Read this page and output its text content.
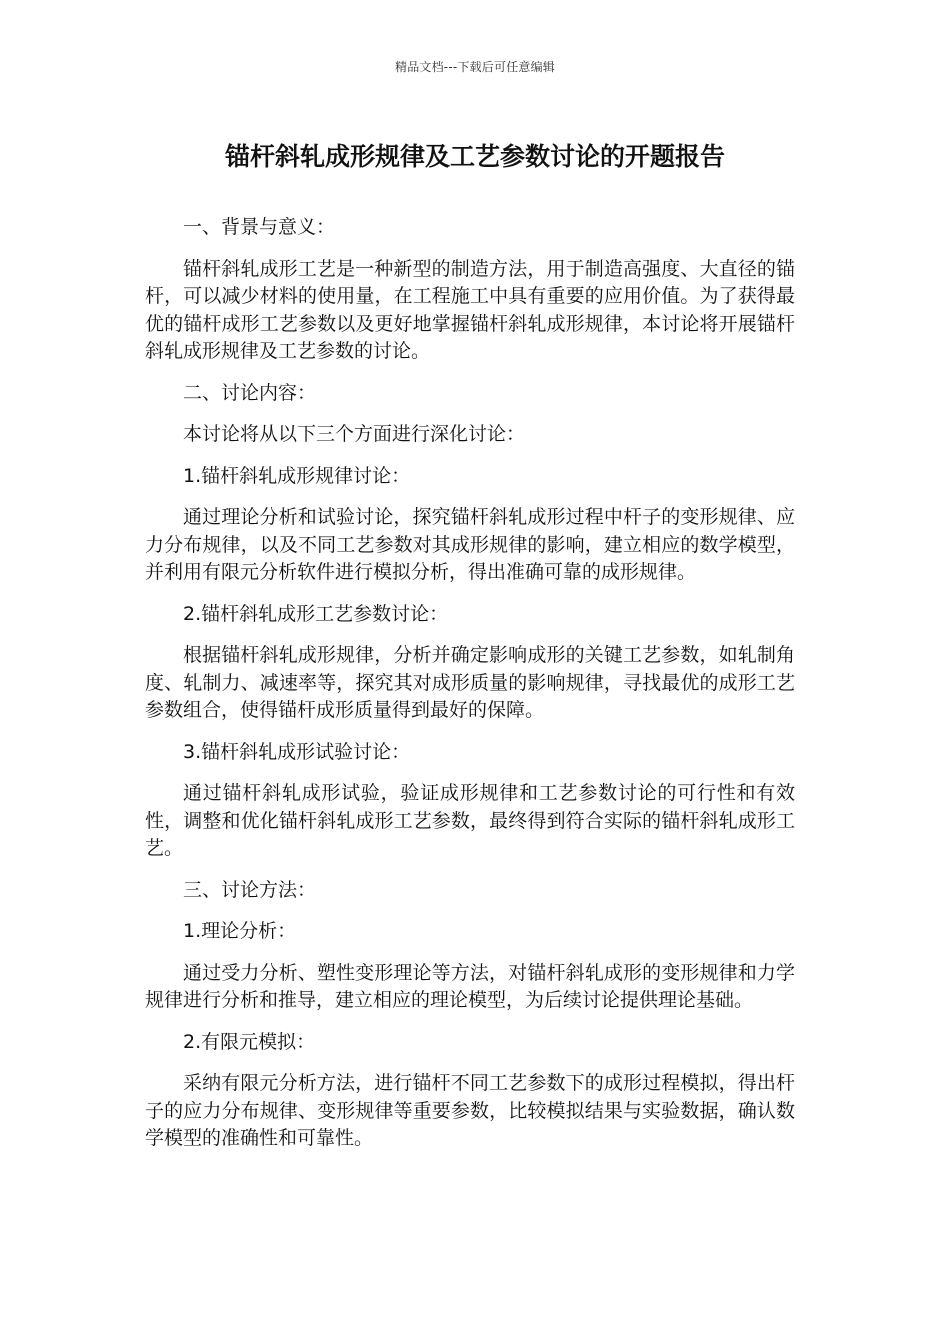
精品文档---下载后可任意编辑
锚杆斜轧成形规律及工艺参数讨论的开题报告

一、背景与意义：

锚杆斜轧成形工艺是一种新型的制造方法，用于制造高强度、大直径的锚杆，可以减少材料的使用量，在工程施工中具有重要的应用价值。为了获得最优的锚杆成形工艺参数以及更好地掌握锚杆斜轧成形规律，本讨论将开展锚杆斜轧成形规律及工艺参数的讨论。

二、讨论内容：

本讨论将从以下三个方面进行深化讨论：

1.锚杆斜轧成形规律讨论：

通过理论分析和试验讨论，探究锚杆斜轧成形过程中杆子的变形规律、应力分布规律，以及不同工艺参数对其成形规律的影响，建立相应的数学模型，并利用有限元分析软件进行模拟分析，得出准确可靠的成形规律。

2.锚杆斜轧成形工艺参数讨论：

根据锚杆斜轧成形规律，分析并确定影响成形的关键工艺参数，如轧制角度、轧制力、减速率等，探究其对成形质量的影响规律，寻找最优的成形工艺参数组合，使得锚杆成形质量得到最好的保障。

3.锚杆斜轧成形试验讨论：

通过锚杆斜轧成形试验，验证成形规律和工艺参数讨论的可行性和有效性，调整和优化锚杆斜轧成形工艺参数，最终得到符合实际的锚杆斜轧成形工艺。

三、讨论方法：

1.理论分析：

通过受力分析、塑性变形理论等方法，对锚杆斜轧成形的变形规律和力学规律进行分析和推导，建立相应的理论模型，为后续讨论提供理论基础。

2.有限元模拟：

采纳有限元分析方法，进行锚杆不同工艺参数下的成形过程模拟，得出杆子的应力分布规律、变形规律等重要参数，比较模拟结果与实验数据，确认数学模型的准确性和可靠性。
